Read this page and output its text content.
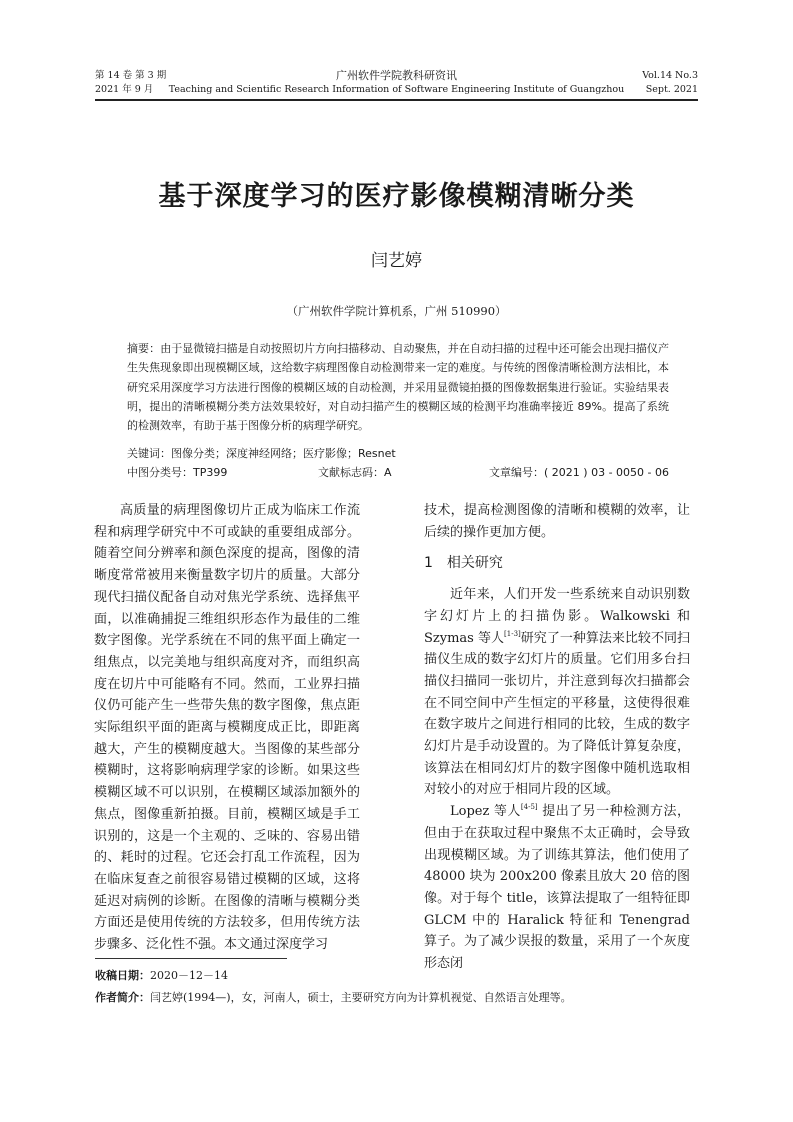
第 14 卷 第 3 期
2021 年 9 月
广州软件学院教科研资讯
Teaching and Scientific Research Information of Software Engineering Institute of Guangzhou
Vol.14 No.3
Sept. 2021
基于深度学习的医疗影像模糊清晰分类
闫艺婷
（广州软件学院计算机系，广州 510990）
摘要：由于显微镜扫描是自动按照切片方向扫描移动、自动聚焦，并在自动扫描的过程中还可能会出现扫描仪产生失焦现象即出现模糊区域，这给数字病理图像自动检测带来一定的难度。与传统的图像清晰检测方法相比，本研究采用深度学习方法进行图像的模糊区域的自动检测，并采用显微镜拍摄的图像数据集进行验证。实验结果表明，提出的清晰模糊分类方法效果较好，对自动扫描产生的模糊区域的检测平均准确率接近 89%。提高了系统的检测效率，有助于基于图像分析的病理学研究。
关键词：图像分类；深度神经网络；医疗影像；Resnet
中图分类号：TP399	文献标志码：A	文章编号：( 2021 ) 03 - 0050 - 06

高质量的病理图像切片正成为临床工作流程和病理学研究中不可或缺的重要组成部分。随着空间分辨率和颜色深度的提高，图像的清晰度常常被用来衡量数字切片的质量。大部分现代扫描仪配备自动对焦光学系统、选择焦平面，以准确捕捉三维组织形态作为最佳的二维数字图像。光学系统在不同的焦平面上确定一组焦点，以完美地与组织高度对齐，而组织高度在切片中可能略有不同。然而，工业界扫描仪仍可能产生一些带失焦的数字图像，焦点距实际组织平面的距离与模糊度成正比，即距离越大，产生的模糊度越大。当图像的某些部分模糊时，这将影响病理学家的诊断。如果这些模糊区域不可以识别，在模糊区域添加额外的焦点，图像重新拍摄。目前，模糊区域是手工识别的，这是一个主观的、乏味的、容易出错的、耗时的过程。它还会打乱工作流程，因为在临床复查之前很容易错过模糊的区域，这将延迟对病例的诊断。在图像的清晰与模糊分类方面还是使用传统的方法较多，但用传统方法步骤多、泛化性不强。本文通过深度学习

技术，提高检测图像的清晰和模糊的效率，让后续的操作更加方便。

1 相关研究

近年来，人们开发一些系统来自动识别数字幻灯片上的扫描伪影。Walkowski 和 Szymas 等人[1-3]研究了一种算法来比较不同扫描仪生成的数字幻灯片的质量。它们用多台扫描仪扫描同一张切片，并注意到每次扫描都会在不同空间中产生恒定的平移量，这使得很难在数字玻片之间进行相同的比较，生成的数字幻灯片是手动设置的。为了降低计算复杂度，该算法在相同幻灯片的数字图像中随机选取相对较小的对应于相同片段的区域。

Lopez 等人[4-5] 提出了另一种检测方法，但由于在获取过程中聚焦不太正确时，会导致出现模糊区域。为了训练其算法，他们使用了 48000 块为 200x200 像素且放大 20 倍的图像。对于每个 title，该算法提取了一组特征即 GLCM 中的 Haralick 特征和 Tenengrad 算子。为了减少误报的数量，采用了一个灰度形态闭

收稿日期：2020－12－14
作者简介：闫艺婷(1994—)，女，河南人，硕士，主要研究方向为计算机视觉、自然语言处理等。
